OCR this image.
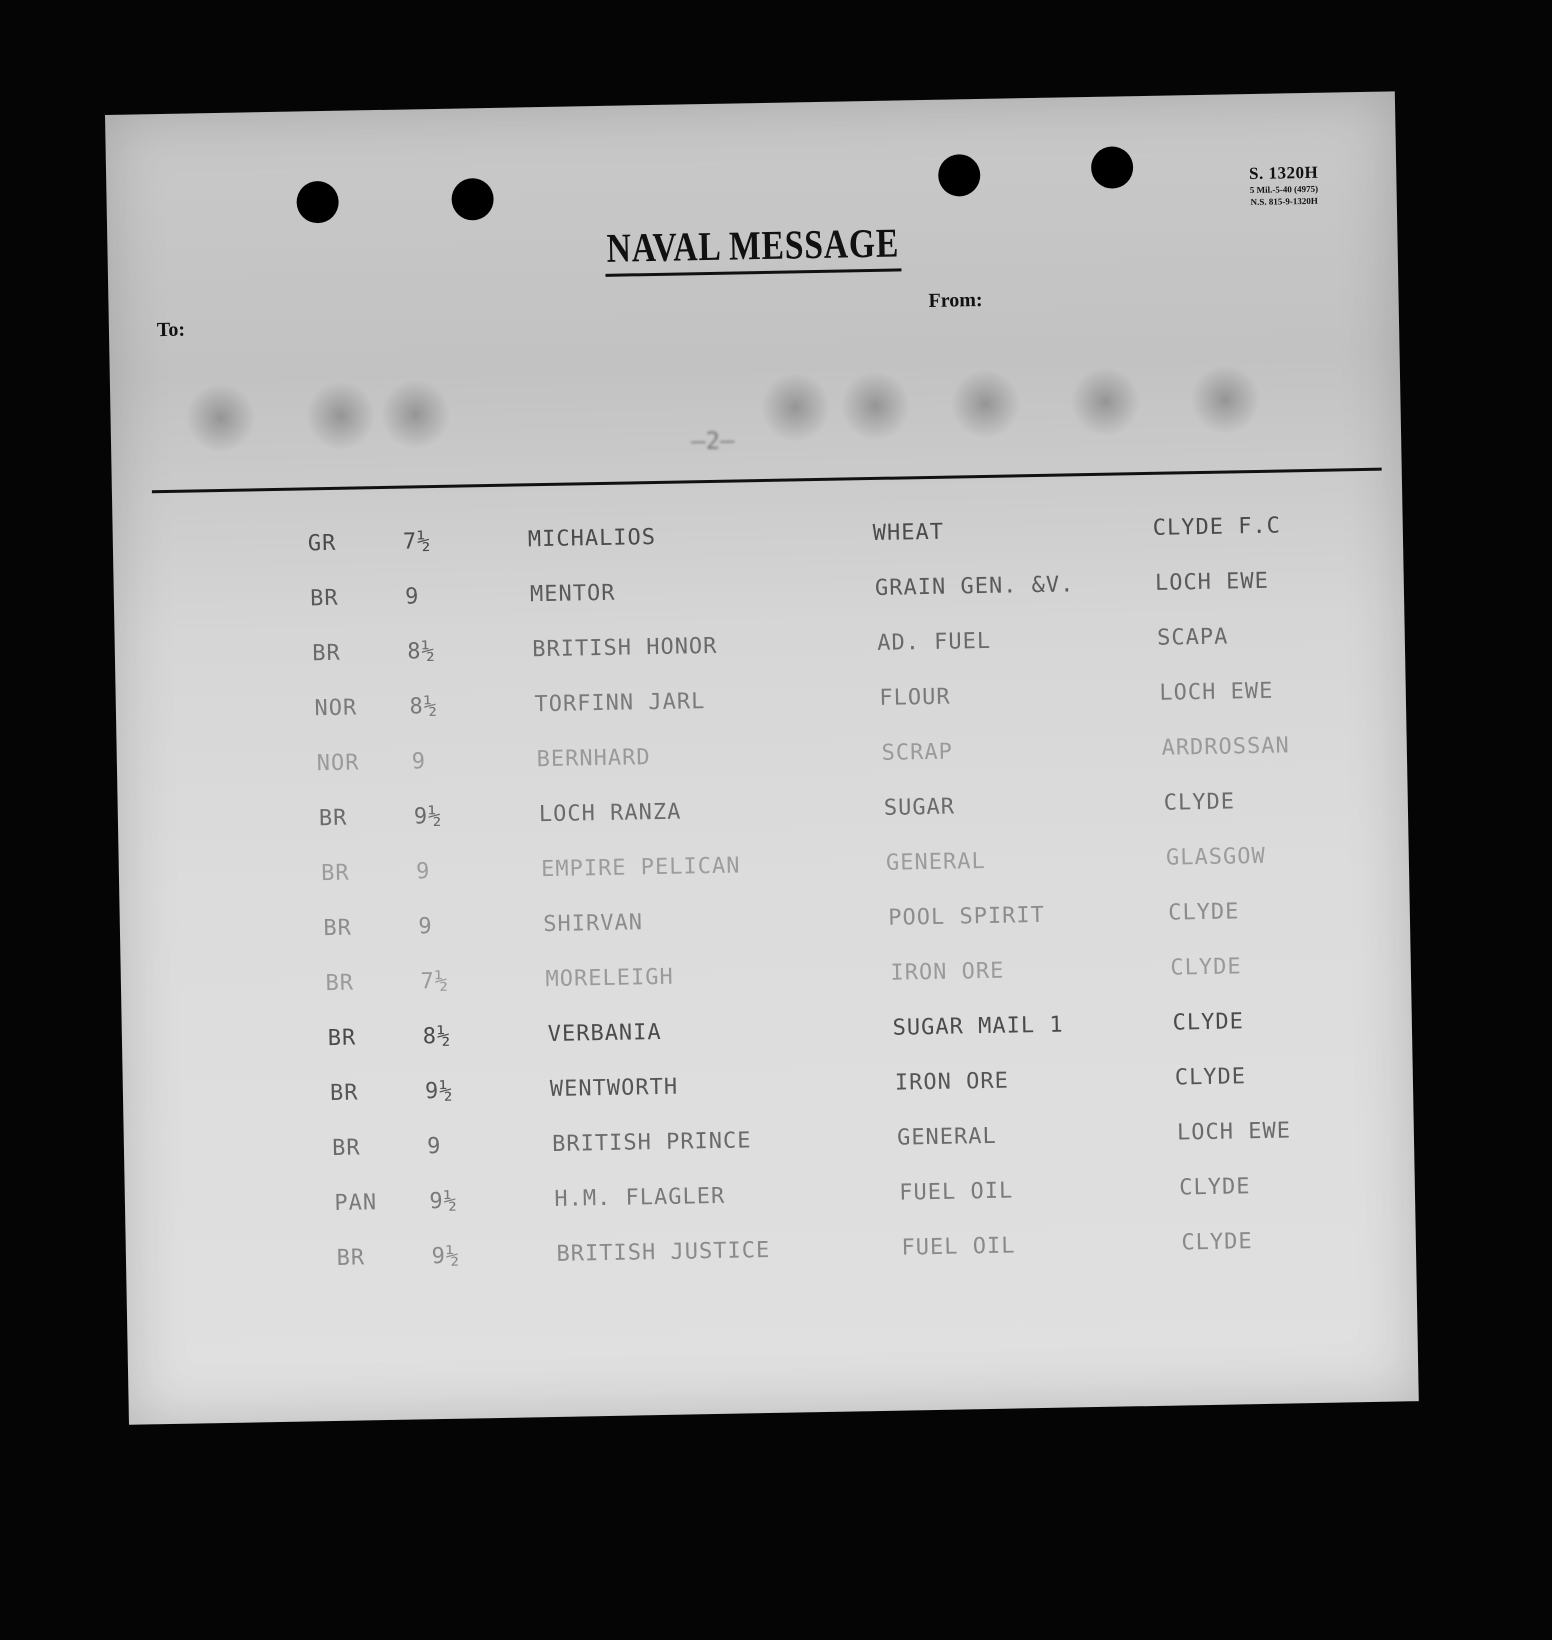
S. 1320H
5 Mil.-5-40 (4975)
N.S. 815-9-1320H
NAVAL MESSAGE
To:
From:
—2—
GR	7½	MICHALIOS	WHEAT	CLYDE F.C
BR	9	MENTOR	GRAIN GEN. &V.	LOCH EWE
BR	8½	BRITISH HONOR	AD. FUEL	SCAPA
NOR 8½	TORFINN JARL	FLOUR	LOCH EWE
NOR 9	BERNHARD	SCRAP	ARDROSSAN
BR	9½	LOCH RANZA	SUGAR	CLYDE
BR	9	EMPIRE PELICAN	GENERAL	GLASGOW
BR	9	SHIRVAN	POOL SPIRIT	CLYDE
BR	7½	MORELEIGH	IRON ORE	CLYDE
BR	8½	VERBANIA	SUGAR MAIL 1	CLYDE
BR	9½	WENTWORTH	IRON ORE	CLYDE
BR	9	BRITISH PRINCE	GENERAL	LOCH EWE
PAN 9½	H.M. FLAGLER	FUEL OIL	CLYDE
BR	9½	BRITISH JUSTICE	FUEL OIL	CLYDE
